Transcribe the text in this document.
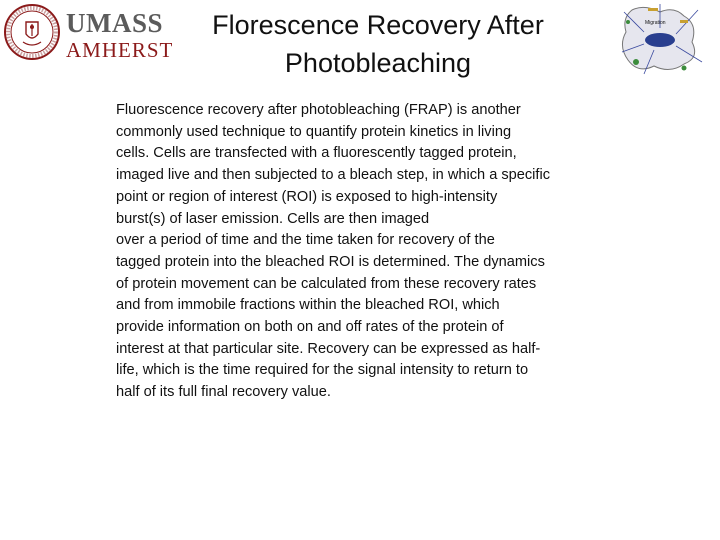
UMASS
AMHERST
Florescence Recovery After Photobleaching
Migration
Fluorescence recovery after photobleaching (FRAP) is another
commonly used technique to quantify protein kinetics in living
cells. Cells are transfected with a fluorescently tagged protein,
imaged live and then subjected to a bleach step, in which a specific
point or region of interest (ROI) is exposed to high-intensity
burst(s) of laser emission. Cells are then imaged
over a period of time and the time taken for recovery of the
tagged protein into the bleached ROI is determined. The dynamics
of protein movement can be calculated from these recovery rates
and from immobile fractions within the bleached ROI, which
provide information on both on and off rates of the protein of
interest at that particular site. Recovery can be expressed as half-
life, which is the time required for the signal intensity to return to
half of its full final recovery value.
